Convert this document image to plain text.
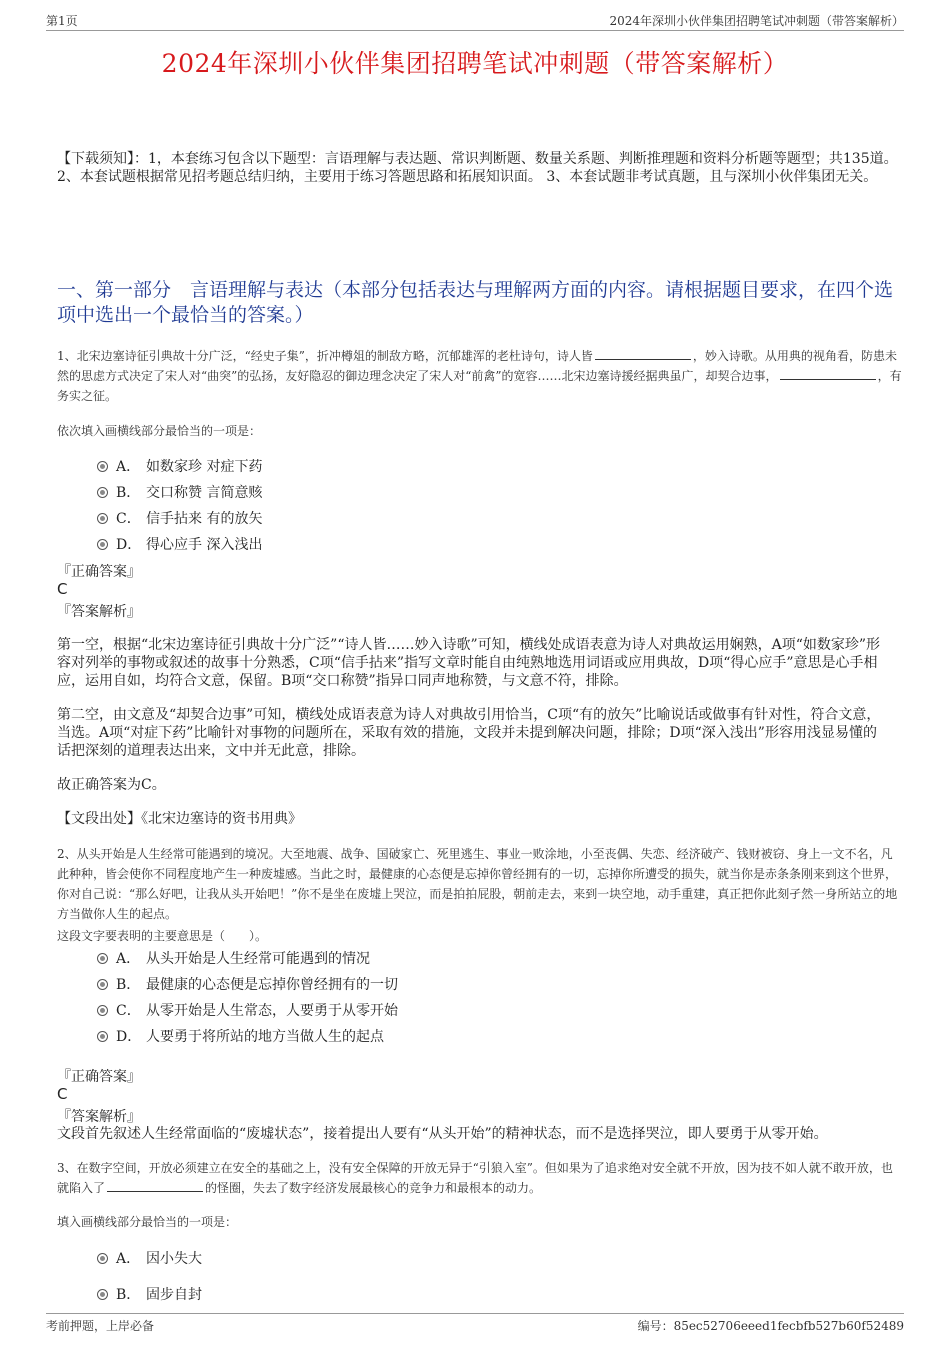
第1页	2024年深圳小伙伴集团招聘笔试冲刺题（带答案解析）
2024年深圳小伙伴集团招聘笔试冲刺题（带答案解析）
【下载须知】：1，本套练习包含以下题型：言语理解与表达题、常识判断题、数量关系题、判断推理题和资料分析题等题型；共135道。 2、本套试题根据常见招考题总结归纳，主要用于练习答题思路和拓展知识面。 3、本套试题非考试真题，且与深圳小伙伴集团无关。
一、第一部分　言语理解与表达（本部分包括表达与理解两方面的内容。请根据题目要求，在四个选项中选出一个最恰当的答案。）
1、北宋边塞诗征引典故十分广泛，“经史子集”，折冲樽俎的制敌方略，沉郁雄浑的老杜诗句，诗人皆	，妙入诗歌。从用典的视角看，防患未然的思虑方式决定了宋人对“曲突”的弘扬，友好隐忍的御边理念决定了宋人对“前禽”的宽容……北宋边塞诗援经据典虽广，却契合边事，	，有务实之征。
依次填入画横线部分最恰当的一项是：
A． 如数家珍 对症下药
B． 交口称赞 言简意赅
C． 信手拈来 有的放矢
D． 得心应手 深入浅出
『正确答案』
C
『答案解析』
第一空，根据“北宋边塞诗征引典故十分广泛”“诗人皆……妙入诗歌”可知，横线处成语表意为诗人对典故运用娴熟，A项“如数家珍”形容对列举的事物或叙述的故事十分熟悉，C项“信手拈来”指写文章时能自由纯熟地选用词语或应用典故，D项“得心应手”意思是心手相应，运用自如，均符合文意，保留。B项“交口称赞”指异口同声地称赞，与文意不符，排除。
第二空，由文意及“却契合边事”可知，横线处成语表意为诗人对典故引用恰当，C项“有的放矢”比喻说话或做事有针对性，符合文意，当选。A项“对症下药”比喻针对事物的问题所在，采取有效的措施，文段并未提到解决问题，排除；D项“深入浅出”形容用浅显易懂的话把深刻的道理表达出来，文中并无此意，排除。
故正确答案为C。
【文段出处】《北宋边塞诗的资书用典》
2、从头开始是人生经常可能遇到的境况。大至地震、战争、国破家亡、死里逃生、事业一败涂地，小至丧偶、失恋、经济破产、钱财被窃、身上一文不名，凡此种种，皆会使你不同程度地产生一种废墟感。当此之时，最健康的心态便是忘掉你曾经拥有的一切，忘掉你所遭受的损失，就当你是赤条条刚来到这个世界，你对自己说：“那么好吧，让我从头开始吧！”你不是坐在废墟上哭泣，而是拍拍屁股，朝前走去，来到一块空地，动手重建，真正把你此刻孑然一身所站立的地方当做你人生的起点。
这段文字要表明的主要意思是（　　）。
A． 从头开始是人生经常可能遇到的情况
B． 最健康的心态便是忘掉你曾经拥有的一切
C． 从零开始是人生常态，人要勇于从零开始
D． 人要勇于将所站的地方当做人生的起点
『正确答案』
C
『答案解析』
文段首先叙述人生经常面临的“废墟状态”，接着提出人要有“从头开始”的精神状态，而不是选择哭泣，即人要勇于从零开始。
3、在数字空间，开放必须建立在安全的基础之上，没有安全保障的开放无异于“引狼入室”。但如果为了追求绝对安全就不开放，因为技不如人就不敢开放，也就陷入了	的怪圈，失去了数字经济发展最核心的竞争力和最根本的动力。
填入画横线部分最恰当的一项是：
A． 因小失大
B． 固步自封
考前押题，上岸必备	编号：85ec52706eeed1fecbfb527b60f52489
